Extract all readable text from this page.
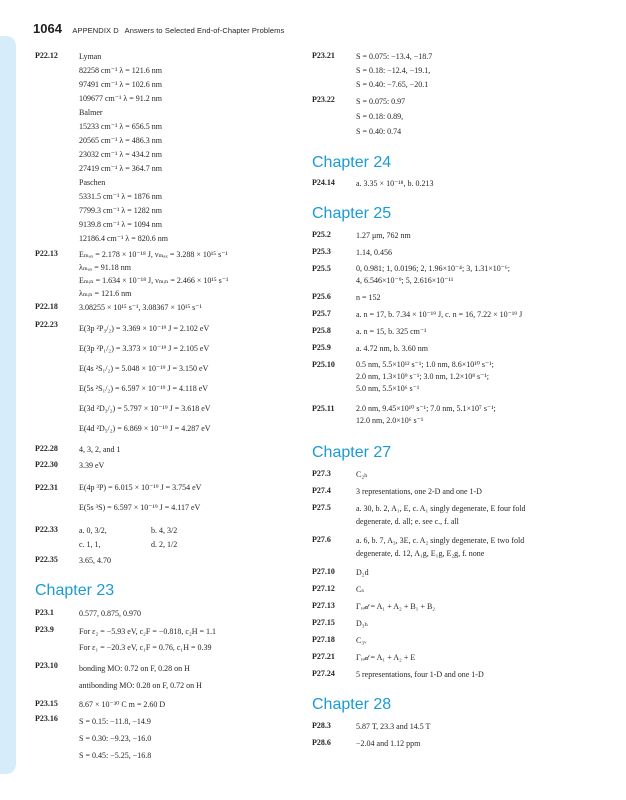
1064 APPENDIX D Answers to Selected End-of-Chapter Problems
P22.12	Lyman
82258 cm⁻¹ λ = 121.6 nm
97491 cm⁻¹ λ = 102.6 nm
109677 cm⁻¹ λ = 91.2 nm
Balmer
15233 cm⁻¹ λ = 656.5 nm
20565 cm⁻¹ λ = 486.3 nm
23032 cm⁻¹ λ = 434.2 nm
27419 cm⁻¹ λ = 364.7 nm
Paschen
5331.5 cm⁻¹ λ = 1876 nm
7799.3 cm⁻¹ λ = 1282 nm
9139.8 cm⁻¹ λ = 1094 nm
12186.4 cm⁻¹ λ = 820.6 nm
P22.13	Eₘₐₓ = 2.178 × 10⁻¹⁸ J, νₘₐₓ = 3.288 × 10¹⁵ s⁻¹
λₘₐₓ = 91.18 nm
Eₘᵢₙ = 1.634 × 10⁻¹⁸ J, νₘᵢₙ = 2.466 × 10¹⁵ s⁻¹
λₘᵢₙ = 121.6 nm
P22.18	3.08255 × 10¹⁵ s⁻¹, 3.08367 × 10¹⁵ s⁻¹
P22.23	E(3p ²P₃/₂) = 3.369 × 10⁻¹⁹ J = 2.102 eV
E(3p ²P₁/₂) = 3.373 × 10⁻¹⁹ J = 2.105 eV
E(4s ²S₁/₂) = 5.048 × 10⁻¹⁹ J = 3.150 eV
E(5s ²S₁/₂) = 6.597 × 10⁻¹⁹ J = 4.118 eV
E(3d ²D₃/₂) = 5.797 × 10⁻¹⁹ J = 3.618 eV
E(4d ²D₅/₂) = 6.869 × 10⁻¹⁹ J = 4.287 eV
P22.28	4, 3, 2, and 1
P22.30	3.39 eV
P22.31	E(4p ³P) = 6.015 × 10⁻¹⁹ J = 3.754 eV
E(5s ³S) = 6.597 × 10⁻¹⁹ J = 4.117 eV
P22.33	a. 0, 3/2,	b. 4, 3/2
c. 1, 1,	d. 2, 1/2
P22.35	3.65, 4.70
Chapter 23
P23.1	0.577, 0.875, 0.970
P23.9	For ε₂ = −5.93 eV, c₂F = −0.818, c₂H = 1.1
For ε₁ = −20.3 eV, c₁F = 0.76, c₁H = 0.39
P23.10	bonding MO: 0.72 on F, 0.28 on H
antibonding MO: 0.28 on F, 0.72 on H
P23.15	8.67 × 10⁻³⁰ C m = 2.60 D
P23.16	S = 0.15: −11.8, −14.9
S = 0.30: −9.23, −16.0
S = 0.45: −5.25, −16.8
P23.21	S = 0.075: −13.4, −18.7
S = 0.18: −12.4, −19.1,
S = 0.40: −7.65, −20.1
P23.22	S = 0.075: 0.97
S = 0.18: 0.89,
S = 0.40: 0.74
Chapter 24
P24.14	a. 3.35 × 10⁻¹⁸, b. 0.213
Chapter 25
P25.2	1.27 μm, 762 nm
P25.3	1.14, 0.456
P25.5	0, 0.981; 1, 0.0196; 2, 1.96×10⁻⁴; 3, 1.31×10⁻⁶;
4, 6.546×10⁻⁹; 5, 2.616×10⁻¹¹
P25.6	n = 152
P25.7	a. n = 17, b. 7.34 × 10⁻¹⁹ J, c. n = 16, 7.22 × 10⁻¹⁹ J
P25.8	a. n = 15, b. 325 cm⁻¹
P25.9	a. 4.72 nm, b. 3.60 nm
P25.10	0.5 nm, 5.5×10¹² s⁻¹; 1.0 nm, 8.6×10¹⁰ s⁻¹;
2.0 nm, 1.3×10⁹ s⁻¹; 3.0 nm, 1.2×10⁸ s⁻¹;
5.0 nm, 5.5×10⁶ s⁻¹
P25.11	2.0 nm, 9.45×10¹⁰ s⁻¹; 7.0 nm, 5.1×10⁷ s⁻¹;
12.0 nm, 2.0×10⁶ s⁻¹
Chapter 27
P27.3	C₂ₕ
P27.4	3 representations, one 2-D and one 1-D
P27.5	a. 30, b. 2, A₁, E, c. A₁ singly degenerate, E four fold
degenerate, d. all; e. see c., f. all
P27.6	a. 6, b. 7, A₃, 3E, c. A₂ singly degenerate, E two fold
degenerate, d. 12, A₁g, E₁g, E₂g, f. none
P27.10	D₂d
P27.12	Cₛ
P27.13	Γᵣₑ𝒹 = A₁ + A₂ + B₁ + B₂
P27.15	D₃ₕ
P27.18	C₃ᵥ
P27.21	Γᵣₑ𝒹 = A₁ + A₂ + E
P27.24	5 representations, four 1-D and one 1-D
Chapter 28
P28.3	5.87 T, 23.3 and 14.5 T
P28.6	−2.04 and 1.12 ppm
